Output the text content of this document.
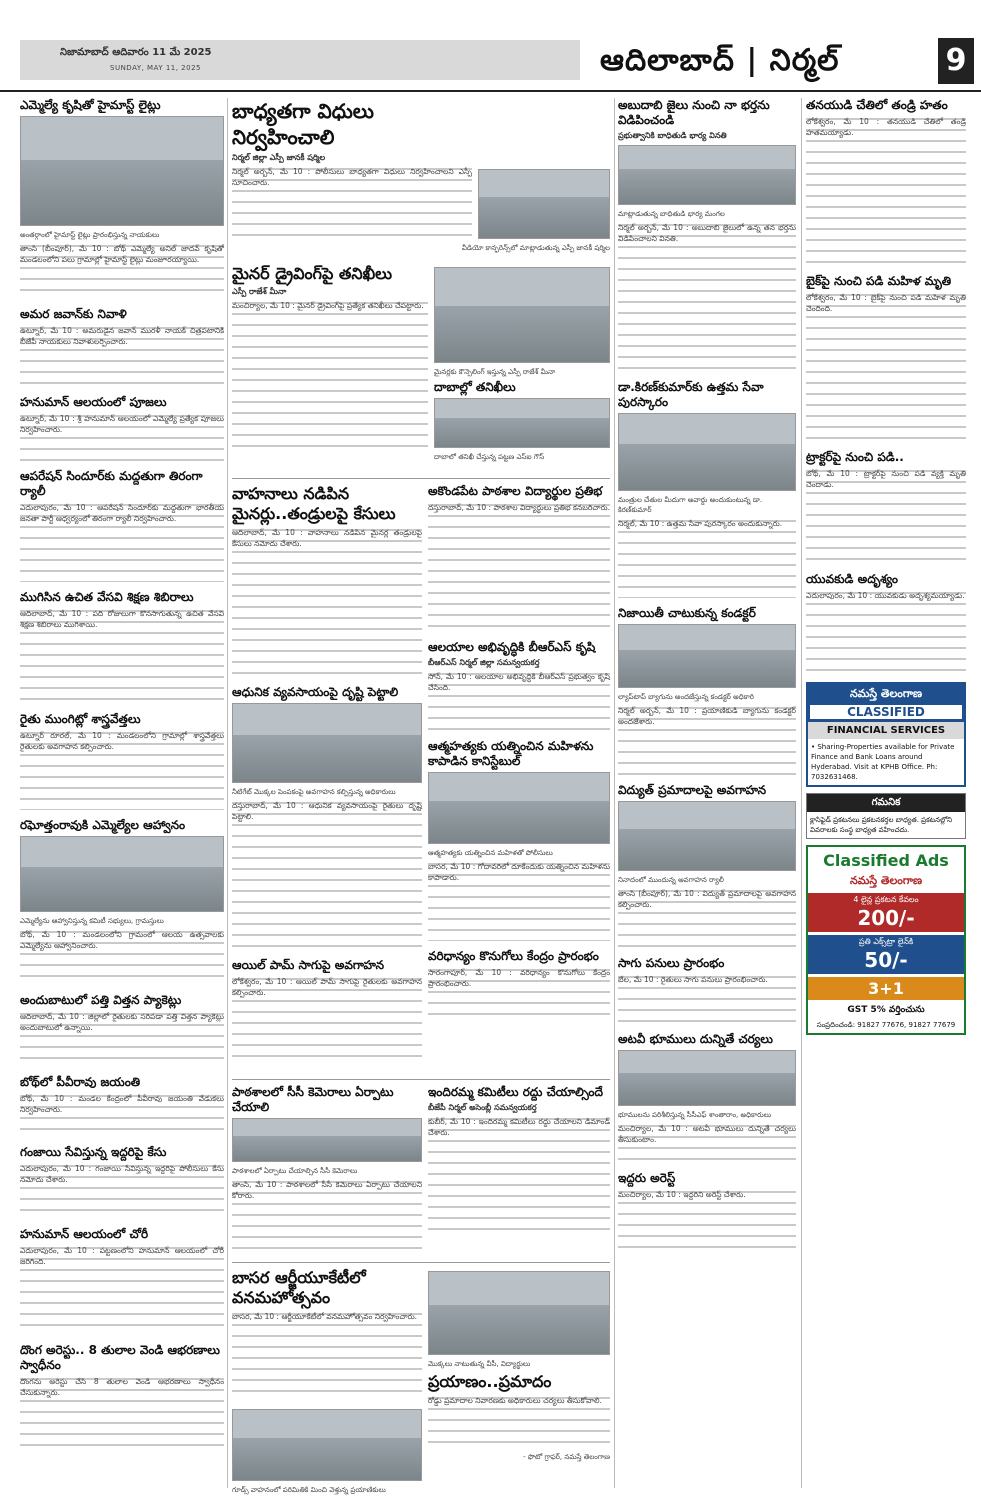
నిజామాబాద్ ఆదివారం 11 మే 2025
SUNDAY, MAY 11, 2025	ఆదిలాబాద్ | నిర్మల్	9
ఎమ్మెల్యే కృషితో హైమాస్ట్ లైట్లు
అంతర్గాంలో హైమాస్ట్ లైట్లు ప్రారంభిస్తున్న నాయకులు
తాంసి (బీంపూర్), మే 10 : బోథ్ ఎమ్మెల్యే అనిల్ జాదవ్ కృషితో మండలంలోని పలు గ్రామాల్లో హైమాస్ట్ లైట్లు మంజూరయ్యాయి.
అమర జవాన్‌కు నివాళి
ఉట్నూర్, మే 10 : అమరుడైన జవాన్ మురళీ నాయక్ చిత్రపటానికి బీజేపీ నాయకులు నివాళులర్పించారు.
హనుమాన్ ఆలయంలో పూజలు
ఉట్నూర్, మే 10 : శ్రీ హనుమాన్ ఆలయంలో ఎమ్మెల్యే ప్రత్యేక పూజలు నిర్వహించారు.
ఆపరేషన్ సిందూర్‌కు మద్దతుగా తిరంగా ర్యాలీ
ఎదులాపురం, మే 10 : ఆపరేషన్ సిందూర్‌కు మద్దతుగా భారతీయ జనతా పార్టీ ఆధ్వర్యంలో తిరంగా ర్యాలీ నిర్వహించారు.
ముగిసిన ఉచిత వేసవి శిక్షణ శిబిరాలు
ఆదిలాబాద్, మే 10 : పది రోజులుగా కొనసాగుతున్న ఉచిత వేసవి శిక్షణ శిబిరాలు ముగిశాయి.
రైతు ముంగిట్లో శాస్త్రవేత్తలు
ఉట్నూర్ రూరల్, మే 10 : మండలంలోని గ్రామాల్లో శాస్త్రవేత్తలు రైతులకు అవగాహన కల్పించారు.
రఘోత్తంరావుకి ఎమ్మెల్యేల ఆహ్వానం
ఎమ్మెల్యేను ఆహ్వానిస్తున్న కమిటీ సభ్యులు, గ్రామస్తులు
బోథ్, మే 10 : మండలంలోని గ్రామంలో ఆలయ ఉత్సవాలకు ఎమ్మెల్యేను ఆహ్వానించారు.
అందుబాటులో పత్తి విత్తన ప్యాకెట్లు
ఆదిలాబాద్, మే 10 : జిల్లాలో రైతులకు సరిపడా పత్తి విత్తన ప్యాకెట్లు అందుబాటులో ఉన్నాయి.
బోథ్‌లో పీవీరావు జయంతి
బోథ్, మే 10 : మండల కేంద్రంలో పీవీరావు జయంతి వేడుకలు నిర్వహించారు.
గంజాయి సేవిస్తున్న ఇద్దరిపై కేసు
ఎదులాపురం, మే 10 : గంజాయి సేవిస్తున్న ఇద్దరిపై పోలీసులు కేసు నమోదు చేశారు.
హనుమాన్ ఆలయంలో చోరీ
ఎదులాపురం, మే 10 : పట్టణంలోని హనుమాన్ ఆలయంలో చోరీ జరిగింది.
దొంగ అరెస్టు.. 8 తులాల వెండి ఆభరణాలు స్వాధీనం
దొంగను అరెస్టు చేసి 8 తులాల వెండి ఆభరణాలు స్వాధీనం చేసుకున్నారు.
బాధ్యతగా విధులు నిర్వహించాలి
నిర్మల్ జిల్లా ఎస్పీ జానకీ షర్మిల
నిర్మల్ అర్బన్, మే 10 : పోలీసులు బాధ్యతగా విధులు నిర్వహించాలని ఎస్పీ సూచించారు.
వీడియో కాన్ఫరెన్స్‌లో మాట్లాడుతున్న ఎస్పీ జానకీ షర్మిల
మైనర్ డ్రైవింగ్‌పై తనిఖీలు
ఎస్పీ రాజేశ్ మీనా
మంచిర్యాల, మే 10 : మైనర్ డ్రైవింగ్‌పై ప్రత్యేక తనిఖీలు చేపట్టారు.
మైనర్లకు కౌన్సెలింగ్ ఇస్తున్న ఎస్పీ రాజేశ్ మీనా
దాబాల్లో తనిఖీలు
దాబాలో తనిఖీ చేస్తున్న పట్టణ ఎస్‌ఐ గౌస్
వాహనాలు నడిపిన మైనర్లు..తండ్రులపై కేసులు
ఆదిలాబాద్, మే 10 : వాహనాలు నడిపిన మైనర్ల తండ్రులపై కేసులు నమోదు చేశారు.
ఆధునిక వ్యవసాయంపై దృష్టి పెట్టాలి
నీటిగేట్ మొక్కల పెంపకంపై అవగాహన కల్పిస్తున్న అధికారులు
దస్తురాబాద్, మే 10 : ఆధునిక వ్యవసాయంపై రైతులు దృష్టి పెట్టాలి.
ఆయిల్ పామ్ సాగుపై అవగాహన
లోకేశ్వరం, మే 10 : ఆయిల్ పామ్ సాగుపై రైతులకు అవగాహన కల్పించారు.
అకొండపేట పాఠశాల విద్యార్థుల ప్రతిభ
దస్తురాబాద్, మే 10 : పాఠశాల విద్యార్థులు ప్రతిభ కనబరిచారు.
ఆలయాల అభివృద్ధికి బీఆర్ఎస్ కృషి
బీఆర్ఎస్ నిర్మల్ జిల్లా సమన్వయకర్త
సోన్, మే 10 : ఆలయాల అభివృద్ధికి బీఆర్ఎస్ ప్రభుత్వం కృషి చేసింది.
ఆత్మహత్యకు యత్నించిన మహిళను కాపాడిన కానిస్టేబుల్
ఆత్మహత్యకు యత్నించిన మహిళతో పోలీసులు
బాసర, మే 10 : గోదావరిలో దూకేందుకు యత్నించిన మహిళను కాపాడారు.
వరిధాన్యం కొనుగోలు కేంద్రం ప్రారంభం
సారంగాపూర్, మే 10 : వరిధాన్యం కొనుగోలు కేంద్రం ప్రారంభించారు.
పాఠశాలలో సీసీ కెమెరాలు ఏర్పాటు చేయాలి
పాఠశాలలో ఏర్పాటు చేయాల్సిన సీసీ కెమెరాలు
తాంసి, మే 10 : పాఠశాలలో సీసీ కెమెరాలు ఏర్పాటు చేయాలని కోరారు.
ఇందిరమ్మ కమిటీలు రద్దు చేయాల్సిందే
బీజేపీ నిర్మల్ అసెంబ్లీ సమన్వయకర్త
కుబీర్, మే 10 : ఇందిరమ్మ కమిటీలు రద్దు చేయాలని డిమాండ్ చేశారు.
బాసర ఆర్జీయూకేటీలో వనమహోత్సవం
బాసర, మే 10 : ఆర్జీయూకేటీలో వనమహోత్సవం నిర్వహించారు.
గూడ్స్ వాహనంలో పరిమితికి మించి వెళ్తున్న ప్రయాణికులు
మొక్కలు నాటుతున్న వీసీ, విద్యార్థులు
ప్రయాణం..ప్రమాదం
రోడ్డు ప్రమాదాల నివారణకు అధికారులు చర్యలు తీసుకోవాలి.
- ఫొటో గ్రాఫర్, నమస్తే తెలంగాణ
అబుదాబి జైలు నుంచి నా భర్తను విడిపించండి
ప్రభుత్వానికి బాధితుడి భార్య వినతి
మాట్లాడుతున్న బాధితుడి భార్య మంగల
నిర్మల్ అర్బన్, మే 10 : అబుదాబి జైలులో ఉన్న తన భర్తను విడిపించాలని వినతి.
డా.కిరణ్‌కుమార్‌కు ఉత్తమ సేవా పురస్కారం
మంత్రుల చేతుల మీదుగా అవార్డు అందుకుంటున్న డా. కిరణ్‌కుమార్
నిర్మల్, మే 10 : ఉత్తమ సేవా పురస్కారం అందుకున్నారు.
నిజాయితీ చాటుకున్న కండక్టర్
ల్యాప్‌టాప్ బ్యాగును అందజేస్తున్న కండక్టర్ అధికారి
నిర్మల్ అర్బన్, మే 10 : ప్రయాణికుడి బ్యాగును కండక్టర్ అందజేశారు.
విద్యుత్ ప్రమాదాలపై అవగాహన
నినాదంలో ముందున్న అవగాహన ర్యాలీ
తాంసి (బీంపూర్), మే 10 : విద్యుత్ ప్రమాదాలపై అవగాహన కల్పించారు.
సాగు పనులు ప్రారంభం
బేల, మే 10 : రైతులు సాగు పనులు ప్రారంభించారు.
అటవీ భూములు దున్నితే చర్యలు
భూములను పరిశీలిస్తున్న సీసీఎఫ్ శాంతారాం, అధికారులు
మంచిర్యాల, మే 10 : అటవీ భూములు దున్నితే చర్యలు తీసుకుంటాం.
ఇద్దరు అరెస్ట్
మంచిర్యాల, మే 10 : ఇద్దరిని అరెస్ట్ చేశారు.
తనయుడి చేతిలో తండ్రి హతం
లోకేశ్వరం, మే 10 : తనయుడి చేతిలో తండ్రి హతమయ్యాడు.
బైక్‌పై నుంచి పడి మహిళ మృతి
లోకేశ్వరం, మే 10 : బైక్‌పై నుంచి పడి మహిళ మృతి చెందింది.
ట్రాక్టర్‌పై నుంచి పడి..
బోథ్, మే 10 : ట్రాక్టర్‌పై నుంచి పడి వ్యక్తి మృతి చెందాడు.
యువకుడి అదృశ్యం
ఎదులాపురం, మే 10 : యువకుడు అదృశ్యమయ్యాడు.
నమస్తే తెలంగాణ
CLASSIFIED
FINANCIAL SERVICES
• Sharing-Properties available for Private Finance and Bank Loans around Hyderabad. Visit at KPHB Office. Ph: 7032631468.
గమనిక
క్లాసిఫైడ్ ప్రకటనలు ప్రకటనకర్తల బాధ్యత. ప్రకటనల్లోని వివరాలకు సంస్థ బాధ్యత వహించదు.
Classified Ads
నమస్తే తెలంగాణ
4 లైన్ల ప్రకటన కేవలం
200/-
ప్రతి ఎక్స్‌ట్రా లైన్‌కి
50/-
3+1
GST 5% వర్తించును
సంప్రదించండి: 91827 77676, 91827 77679
